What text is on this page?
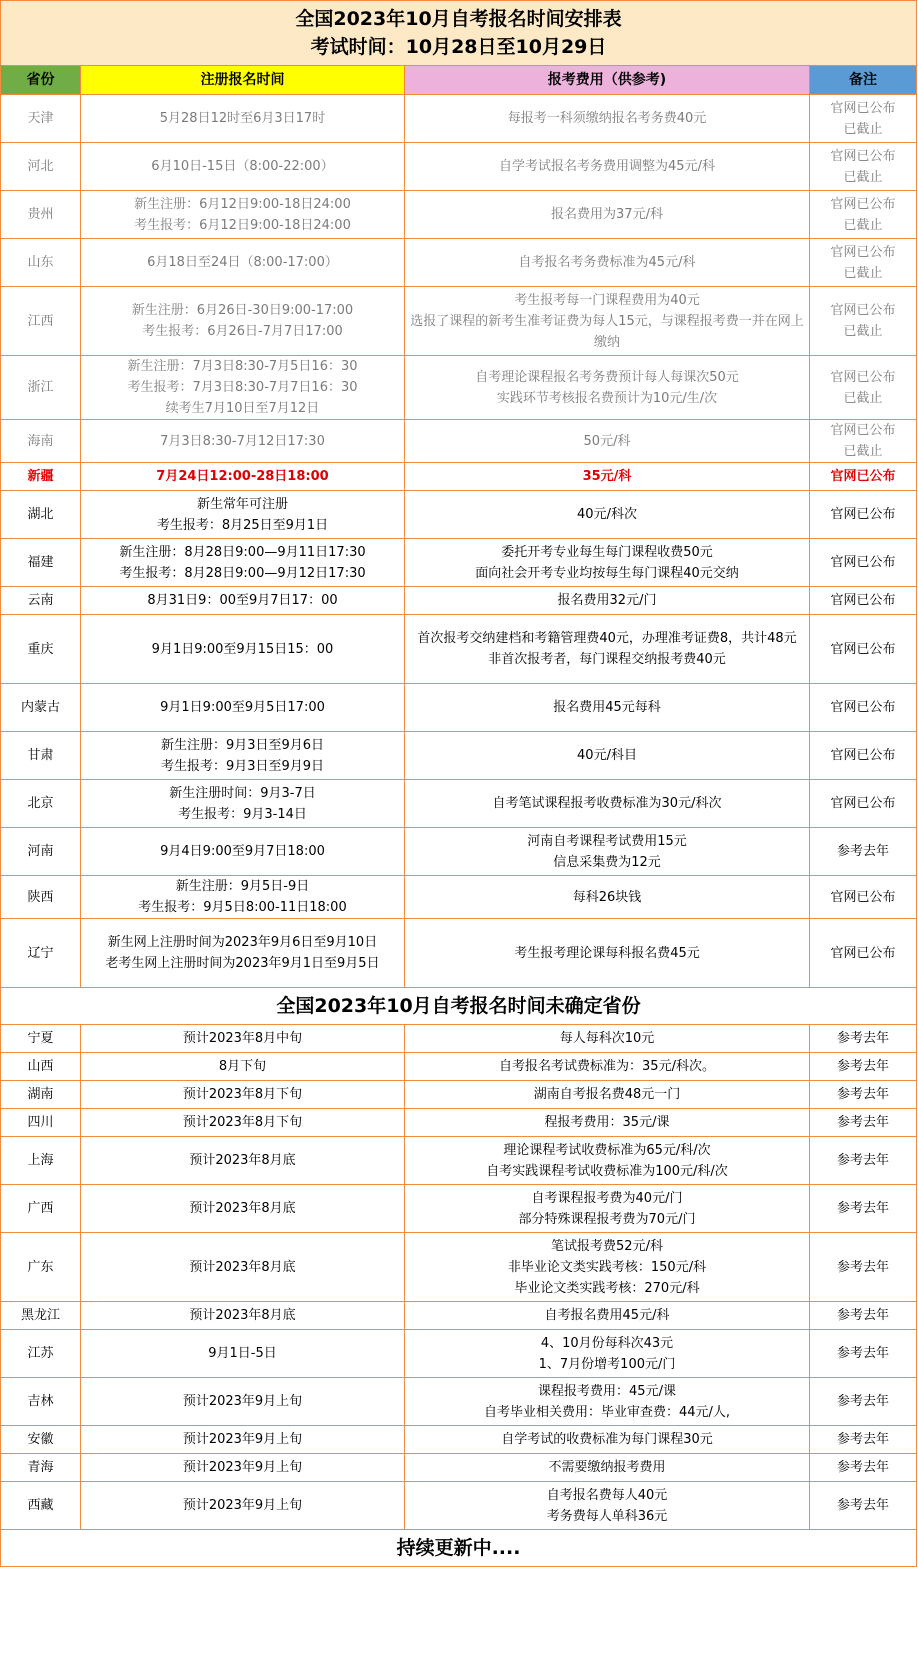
全国2023年10月自考报名时间安排表
考试时间：10月28日至10月29日			

省份	注册报名时间	报考费用（供参考)	备注
天津	5月28日12时至6月3日17时	每报考一科须缴纳报名考务费40元	官网已公布
已截止

河北	6月10日-15日（8:00-22:00）	自学考试报名考务费用调整为45元/科	官网已公布
已截止

贵州	新生注册：6月12日9:00-18日24:00
考生报考：6月12日9:00-18日24:00	报名费用为37元/科	官网已公布
已截止

山东	6月18日至24日（8:00-17:00）	自考报名考务费标准为45元/科	官网已公布
已截止

江西	新生注册：6月26日-30日9:00-17:00
考生报考：6月26日-7月7日17:00	考生报考每一门课程费用为40元
选报了课程的新考生准考证费为每人15元，与课程报考费一并在网上
缴纳	官网已公布
已截止

浙江	新生注册：7月3日8:30-7月5日16：30
考生报考：7月3日8:30-7月7日16：30
续考生7月10日至7月12日	自考理论课程报名考务费预计每人每课次50元
实践环节考核报名费预计为10元/生/次	官网已公布
已截止

海南	7月3日8:30-7月12日17:30	50元/科	官网已公布
已截止

新疆	7月24日12:00-28日18:00	35元/科	官网已公布

湖北	新生常年可注册
考生报考：8月25日至9月1日	40元/科次	官网已公布

福建	新生注册：8月28日9:00—9月11日17:30
考生报考：8月28日9:00—9月12日17:30	委托开考专业每生每门课程收费50元
面向社会开考专业均按每生每门课程40元交纳	官网已公布

云南	8月31日9：00至9月7日17：00	报名费用32元/门	官网已公布

重庆	9月1日9:00至9月15日15：00	首次报考交纳建档和考籍管理费40元，办理准考证费8，共计48元
非首次报考者，每门课程交纳报考费40元	官网已公布

内蒙古	9月1日9:00至9月5日17:00	报名费用45元每科	官网已公布

甘肃	新生注册：9月3日至9月6日
考生报考：9月3日至9月9日	40元/科目	官网已公布

北京	新生注册时间：9月3-7日
考生报考：9月3-14日	自考笔试课程报考收费标准为30元/科次	官网已公布

河南	9月4日9:00至9月7日18:00	河南自考课程考试费用15元
信息采集费为12元	参考去年

陕西	新生注册：9月5日-9日
考生报考：9月5日8:00-11日18:00	每科26块钱	官网已公布

辽宁	新生网上注册时间为2023年9月6日至9月10日
老考生网上注册时间为2023年9月1日至9月5日	考生报考理论课每科报名费45元	官网已公布

全国2023年10月自考报名时间未确定省份			
宁夏	预计2023年8月中旬	每人每科次10元	参考去年

山西	8月下旬	自考报名考试费标准为：35元/科次。	参考去年

湖南	预计2023年8月下旬	湖南自考报名费48元一门	参考去年

四川	预计2023年8月下旬	程报考费用：35元/课	参考去年

上海	预计2023年8月底	理论课程考试收费标准为65元/科/次
自考实践课程考试收费标准为100元/科/次	参考去年

广西	预计2023年8月底	自考课程报考费为40元/门
部分特殊课程报考费为70元/门	参考去年

广东	预计2023年8月底	笔试报考费52元/科
非毕业论文类实践考核：150元/科
毕业论文类实践考核：270元/科	参考去年

黑龙江	预计2023年8月底	自考报名费用45元/科	参考去年

江苏	9月1日-5日	4、10月份每科次43元
1、7月份增考100元/门	参考去年

吉林	预计2023年9月上旬	课程报考费用：45元/课
自考毕业相关费用：毕业审查费：44元/人,	参考去年

安徽	预计2023年9月上旬	自学考试的收费标准为每门课程30元	参考去年

青海	预计2023年9月上旬	不需要缴纳报考费用	参考去年

西藏	预计2023年9月上旬	自考报名费每人40元
考务费每人单科36元	参考去年

持续更新中....			
